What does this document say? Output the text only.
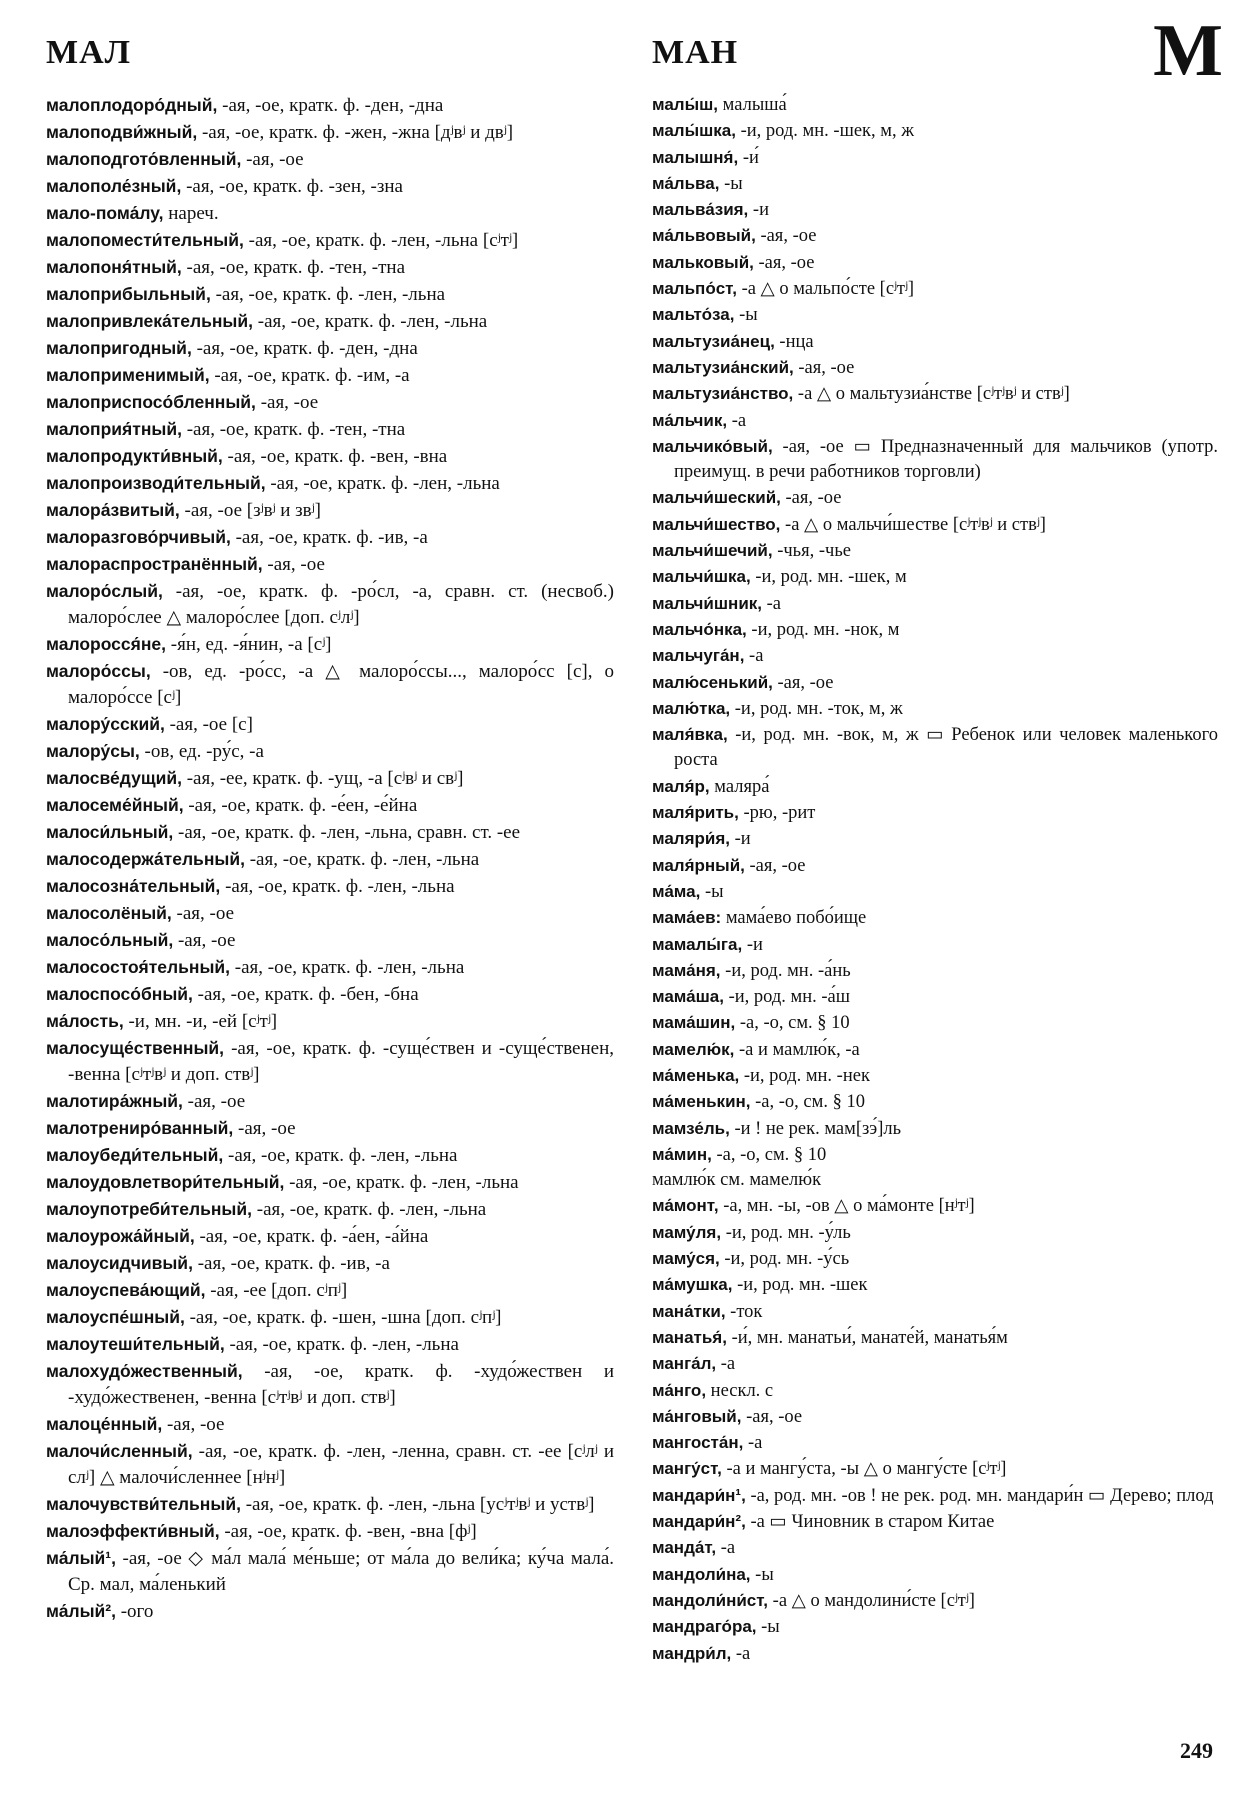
МАЛ	МАН	М

малоплодоро́дный, -ая, -ое, кратк. ф. -ден, -дна

малоподви́жный, -ая, -ое, кратк. ф. -жен, -жна [дʲвʲ и двʲ]

малоподгото́вленный, -ая, -ое

малополе́зный, -ая, -ое, кратк. ф. -зен, -зна

мало-пома́лу, нареч.

малопомести́тельный, -ая, -ое, кратк. ф. -лен, -льна [сʲтʲ]

малопоня́тный, -ая, -ое, кратк. ф. -тен, -тна

малоприбыльный, -ая, -ое, кратк. ф. -лен, -льна

малопривлека́тельный, -ая, -ое, кратк. ф. -лен, -льна

малопригодный, -ая, -ое, кратк. ф. -ден, -дна

малоприменимый, -ая, -ое, кратк. ф. -им, -а

малоприспосо́бленный, -ая, -ое

малоприя́тный, -ая, -ое, кратк. ф. -тен, -тна

малопродукти́вный, -ая, -ое, кратк. ф. -вен, -вна

малопроизводи́тельный, -ая, -ое, кратк. ф. -лен, -льна

малора́звитый, -ая, -ое [зʲвʲ и звʲ]

малоразгово́рчивый, -ая, -ое, кратк. ф. -ив, -а

малораспространённый, -ая, -ое

малоро́слый, -ая, -ое, кратк. ф. -ро́сл, -а, сравн. ст. (несвоб.) малоро́слее △ малоро́слее [доп. сʲлʲ]

малоросся́не, -я́н, ед. -я́нин, -а [сʲ]

малоро́ссы, -ов, ед. -ро́сс, -а △ малоро́ссы..., малоро́сс [с], о малоро́ссе [сʲ]

малору́сский, -ая, -ое [с]

малору́сы, -ов, ед. -ру́с, -а

малосве́дущий, -ая, -ее, кратк. ф. -ущ, -а [сʲвʲ и свʲ]

малосеме́йный, -ая, -ое, кратк. ф. -е́ен, -е́йна

малоси́льный, -ая, -ое, кратк. ф. -лен, -льна, сравн. ст. -ее

малосодержа́тельный, -ая, -ое, кратк. ф. -лен, -льна

малосозна́тельный, -ая, -ое, кратк. ф. -лен, -льна

малосолёный, -ая, -ое

малосо́льный, -ая, -ое

малосостоя́тельный, -ая, -ое, кратк. ф. -лен, -льна

малоспосо́бный, -ая, -ое, кратк. ф. -бен, -бна

ма́лость, -и, мн. -и, -ей [сʲтʲ]

малосуще́ственный, -ая, -ое, кратк. ф. -суще́ствен и -суще́ственен, -венна [сʲтʲвʲ и доп. ствʲ]

малотира́жный, -ая, -ое

малотрениро́ванный, -ая, -ое

малоубеди́тельный, -ая, -ое, кратк. ф. -лен, -льна

малоудовлетвори́тельный, -ая, -ое, кратк. ф. -лен, -льна

малоупотреби́тельный, -ая, -ое, кратк. ф. -лен, -льна

малоурожа́йный, -ая, -ое, кратк. ф. -а́ен, -а́йна

малоусидчивый, -ая, -ое, кратк. ф. -ив, -а

малоуспева́ющий, -ая, -ее [доп. сʲпʲ]

малоуспе́шный, -ая, -ое, кратк. ф. -шен, -шна [доп. сʲпʲ]

малоутеши́тельный, -ая, -ое, кратк. ф. -лен, -льна

малохудо́жественный, -ая, -ое, кратк. ф. -худо́жествен и -худо́жественен, -венна [сʲтʲвʲ и доп. ствʲ]

малоце́нный, -ая, -ое

малочи́сленный, -ая, -ое, кратк. ф. -лен, -ленна, сравн. ст. -ее [сʲлʲ и слʲ] △ малочи́сленнее [нʲнʲ]

малочувстви́тельный, -ая, -ое, кратк. ф. -лен, -льна [усʲтʲвʲ и уствʲ]

малоэффекти́вный, -ая, -ое, кратк. ф. -вен, -вна [фʲ]

ма́лый¹, -ая, -ое ◇ ма́л мала́ ме́ньше; от ма́ла до вели́ка; ку́ча мала́. Ср. мал, ма́ленький

ма́лый², -ого

малы́ш, малыша́

малы́шка, -и, род. мн. -шек, м, ж

малышня́, -и́

ма́льва, -ы

мальва́зия, -и

ма́львовый, -ая, -ое

мальковый, -ая, -ое

мальпо́ст, -а △ о мальпо́сте [сʲтʲ]

мальто́за, -ы

мальтузиа́нец, -нца

мальтузиа́нский, -ая, -ое

мальтузиа́нство, -а △ о мальтузиа́нстве [сʲтʲвʲ и ствʲ]

ма́льчик, -а

мальчико́вый, -ая, -ое ▭ Предназначенный для мальчиков (употр. преимущ. в речи работников торговли)

мальчи́шеский, -ая, -ое

мальчи́шество, -а △ о мальчи́шестве [сʲтʲвʲ и ствʲ]

мальчи́шечий, -чья, -чье

мальчи́шка, -и, род. мн. -шек, м

мальчи́шник, -а

мальчо́нка, -и, род. мн. -нок, м

мальчуга́н, -а

малю́сенький, -ая, -ое

малю́тка, -и, род. мн. -ток, м, ж

маля́вка, -и, род. мн. -вок, м, ж ▭ Ребенок или человек маленького роста

маля́р, маляра́

маля́рить, -рю, -рит

маляри́я, -и

маля́рный, -ая, -ое

ма́ма, -ы

мама́ев: мама́ево побо́ище

мамалы́га, -и

мама́ня, -и, род. мн. -а́нь

мама́ша, -и, род. мн. -а́ш

мама́шин, -а, -о, см. § 10

мамелю́к, -а и мамлю́к, -а

ма́менька, -и, род. мн. -нек

ма́менькин, -а, -о, см. § 10

мамзе́ль, -и ! не рек. мам[зэ́]ль

ма́мин, -а, -о, см. § 10

мамлю́к см. мамелю́к

ма́монт, -а, мн. -ы, -ов △ о ма́монте [нʲтʲ]

маму́ля, -и, род. мн. -у́ль

маму́ся, -и, род. мн. -у́сь

ма́мушка, -и, род. мн. -шек

мана́тки, -ток

манатья́, -и́, мн. манатьи́, манате́й, манатья́м

манга́л, -а

ма́нго, нескл. с

ма́нговый, -ая, -ое

мангоста́н, -а

мангу́ст, -а и мангу́ста, -ы △ о мангу́сте [сʲтʲ]

мандари́н¹, -а, род. мн. -ов ! не рек. род. мн. мандари́н ▭ Дерево; плод

мандари́н², -а ▭ Чиновник в старом Китае

манда́т, -а

мандоли́на, -ы

мандоли́ни́ст, -а △ о мандолини́сте [сʲтʲ]

мандраго́ра, -ы

мандри́л, -а

249
